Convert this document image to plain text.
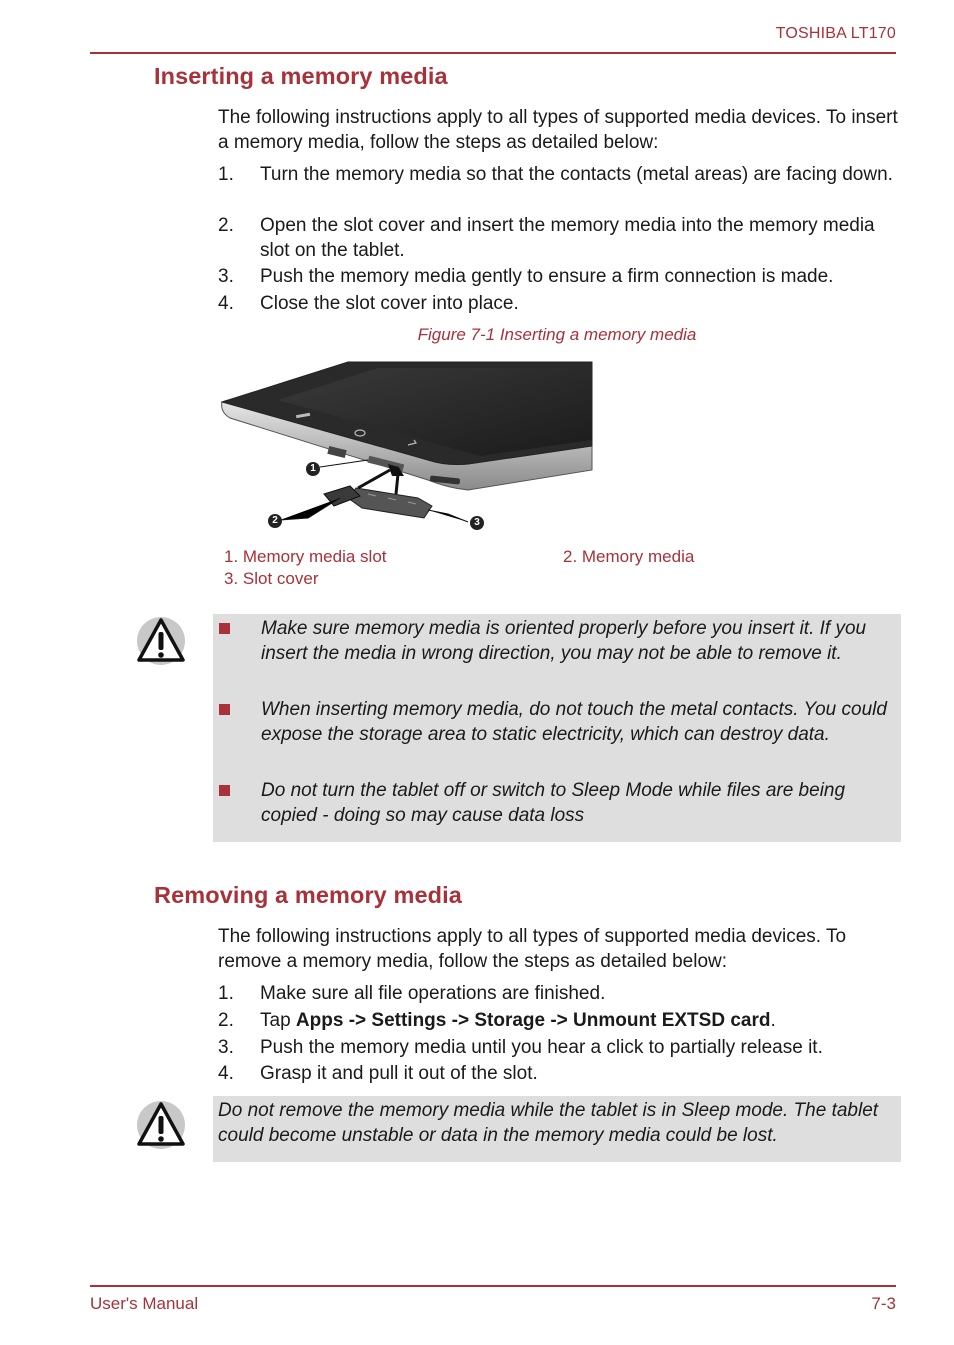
TOSHIBA LT170
Inserting a memory media
The following instructions apply to all types of supported media devices. To insert a memory media, follow the steps as detailed below:
1. Turn the memory media so that the contacts (metal areas) are facing down.
2. Open the slot cover and insert the memory media into the memory media slot on the tablet.
3. Push the memory media gently to ensure a firm connection is made.
4. Close the slot cover into place.
Figure 7-1 Inserting a memory media
1
2	3
1. Memory media slot	2. Memory media
3. Slot cover
Make sure memory media is oriented properly before you insert it. If you insert the media in wrong direction, you may not be able to remove it.
When inserting memory media, do not touch the metal contacts. You could expose the storage area to static electricity, which can destroy data.
Do not turn the tablet off or switch to Sleep Mode while files are being copied - doing so may cause data loss
Removing a memory media
The following instructions apply to all types of supported media devices. To remove a memory media, follow the steps as detailed below:
1. Make sure all file operations are finished.
2. Tap Apps -> Settings -> Storage -> Unmount EXTSD card.
3. Push the memory media until you hear a click to partially release it.
4. Grasp it and pull it out of the slot.
Do not remove the memory media while the tablet is in Sleep mode. The tablet could become unstable or data in the memory media could be lost.
User's Manual	7-3
